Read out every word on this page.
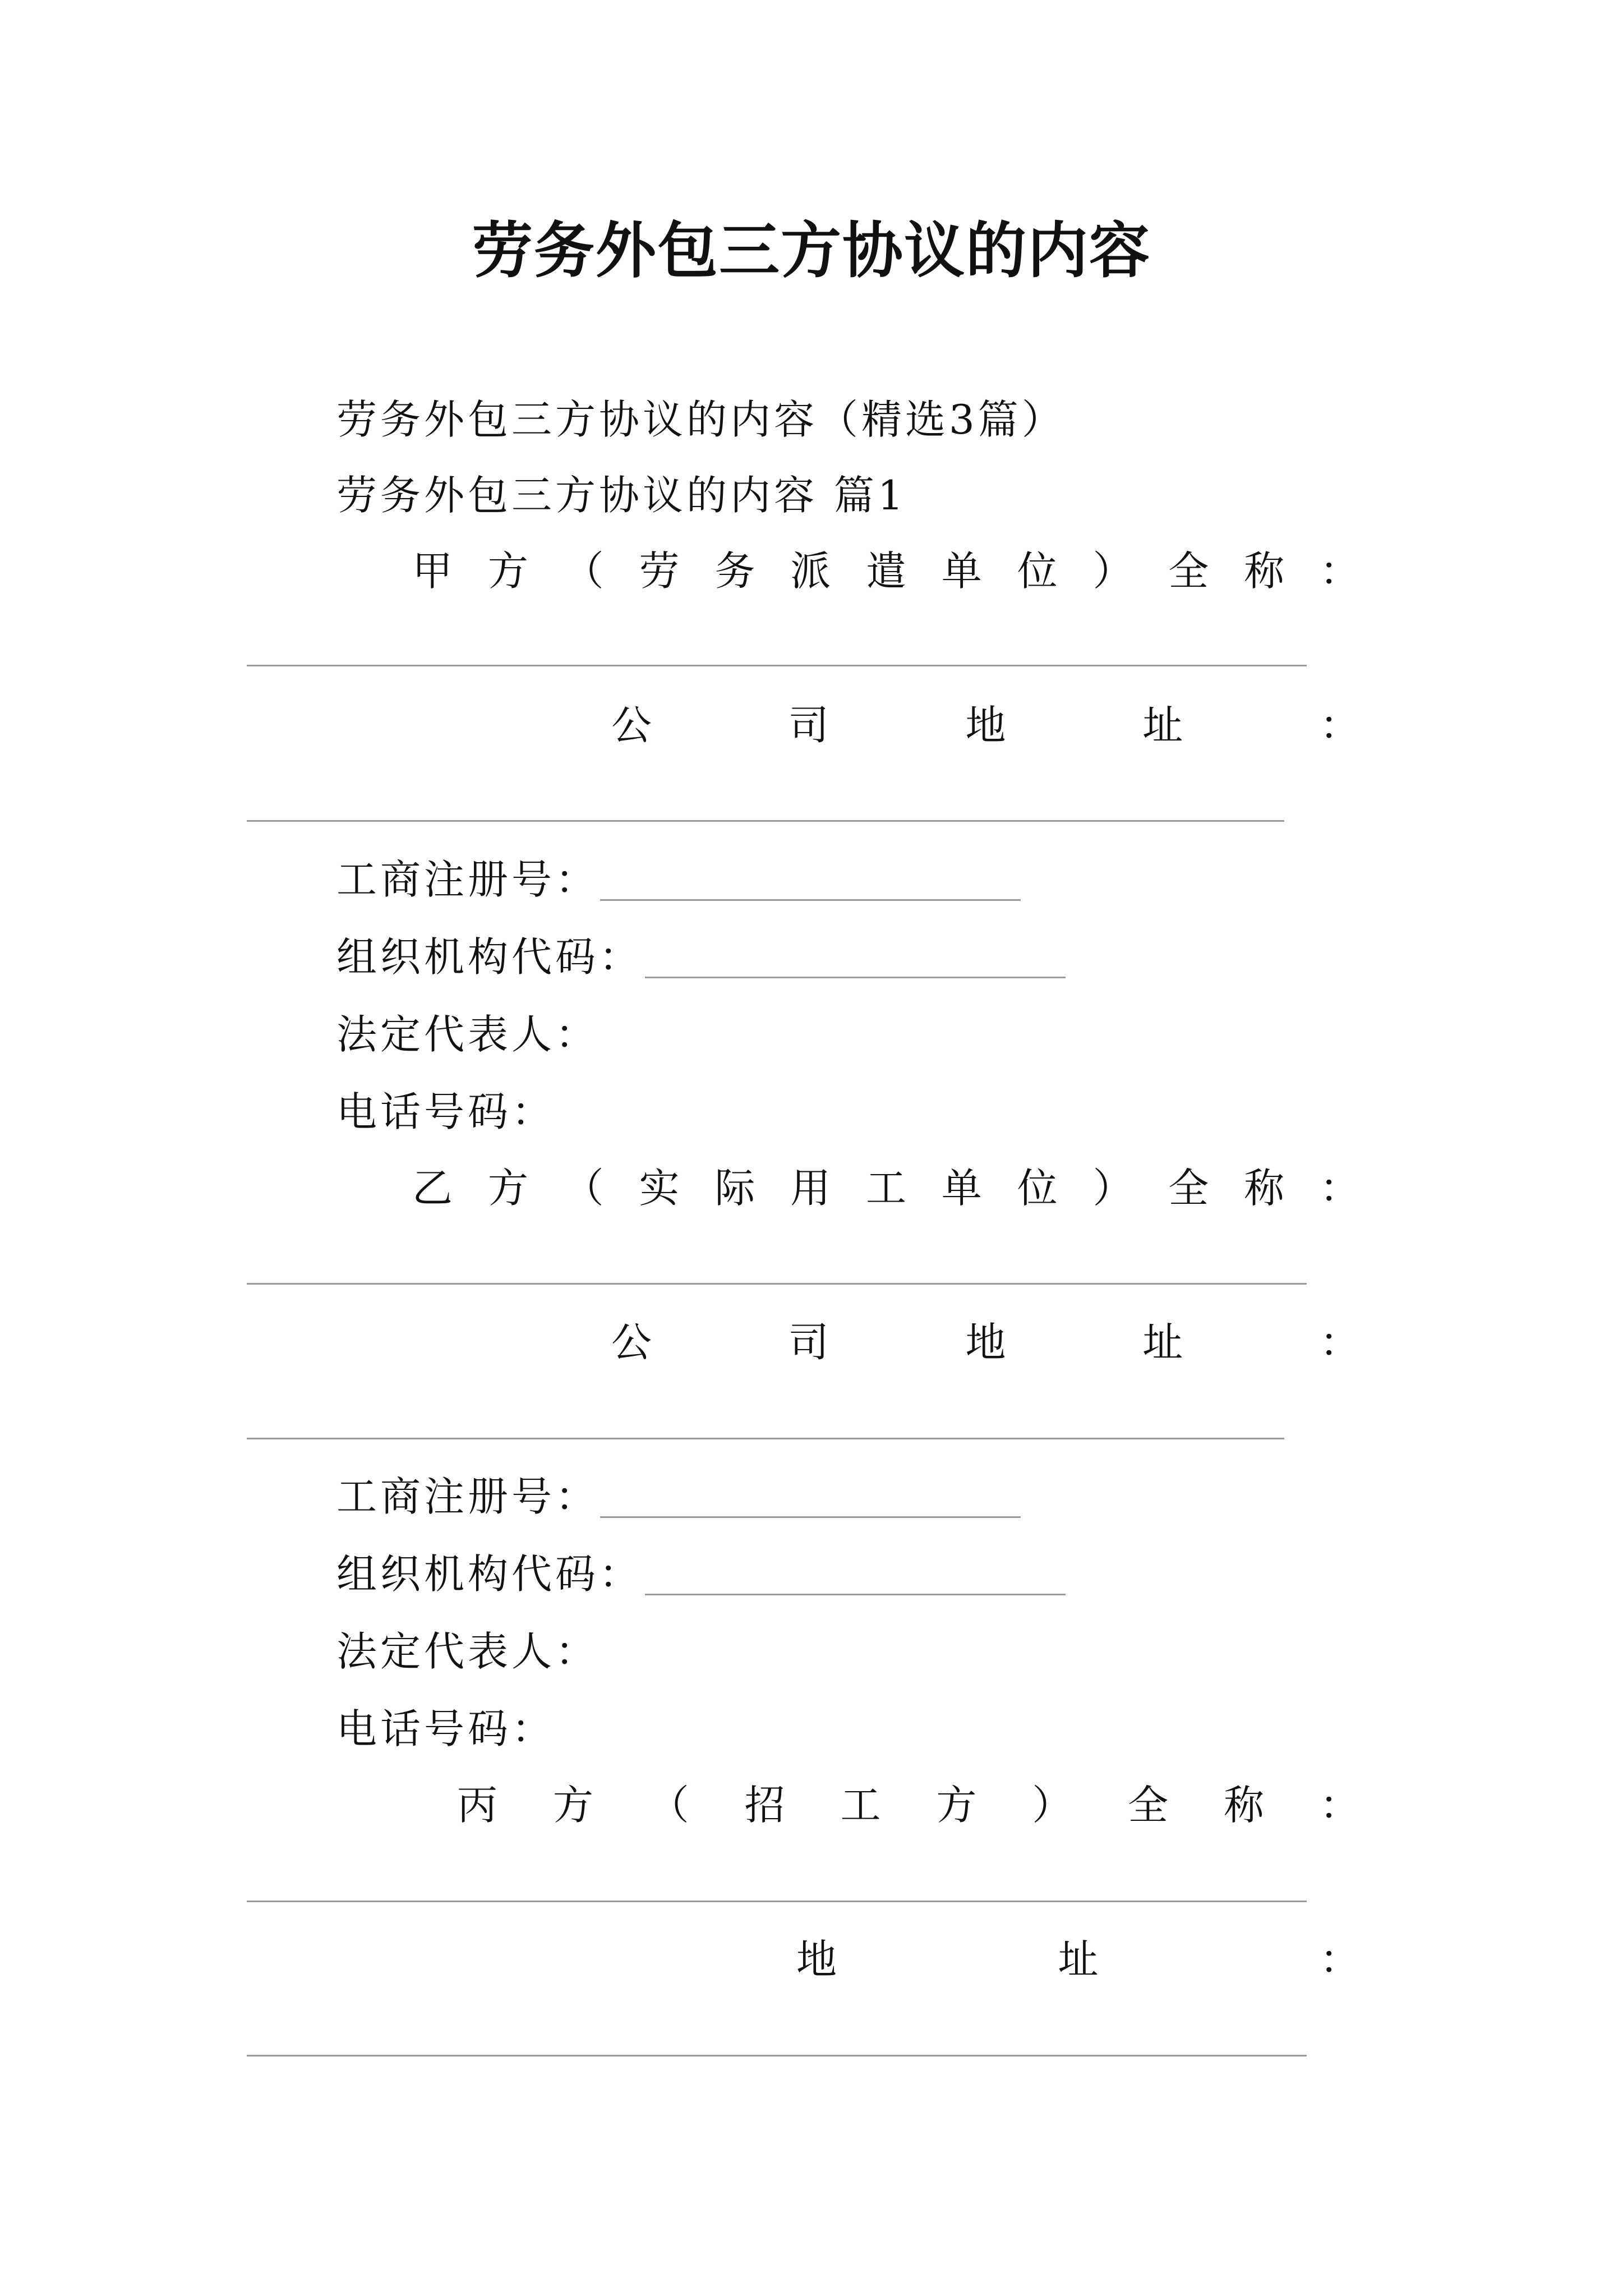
劳务外包三方协议的内容
劳务外包三方协议的内容（精选3篇）
劳务外包三方协议的内容 篇1
甲 方 （ 劳 务 派 遣 单 位 ） 全 称 ：
公	司	地	址	：
工商注册号：
组织机构代码：
法定代表人：
电话号码：
乙 方 （ 实 际 用 工 单 位 ） 全 称 ：
公	司	地	址	：
工商注册号：
组织机构代码：
法定代表人：
电话号码：
丙 方 （ 招 工 方 ） 全 称 ：
地	址	：
